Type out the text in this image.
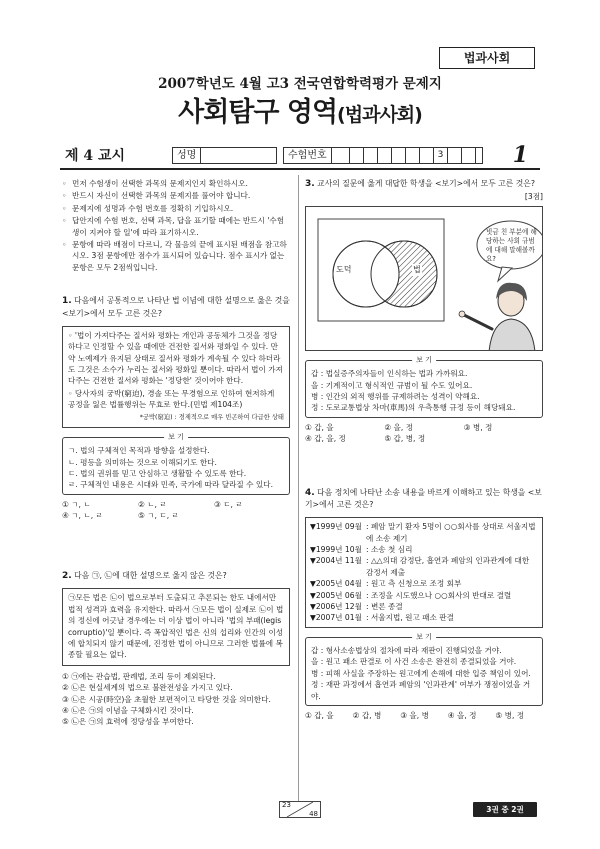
법과사회
2007학년도 4월 고3 전국연합학력평가 문제지
사회탐구 영역(법과사회)
제 4 교시	성명	수험번호	3	1
◦ 먼저 수험생이 선택한 과목의 문제지인지 확인하시오.
◦ 반드시 자신이 선택한 과목의 문제지를 풀어야 합니다.
◦ 문제지에 성명과 수험 번호를 정확히 기입하시오.
◦ 답안지에 수험 번호, 선택 과목, 답을 표기할 때에는 반드시 '수험생이 지켜야 할 일'에 따라 표기하시오.
◦ 문항에 따라 배점이 다르니, 각 물음의 끝에 표시된 배점을 참고하시오. 3점 문항에만 점수가 표시되어 있습니다. 점수 표시가 없는 문항은 모두 2점씩입니다.
1. 다음에서 공통적으로 나타난 법 이념에 대한 설명으로 옳은 것을 <보기>에서 모두 고른 것은?

◦ '법이 가져다주는 질서와 평화는 개인과 공동체가 그것을 정당하다고 인정할 수 있을 때에만 건전한 질서와 평화일 수 있다. 만약 노예제가 유지된 상태로 질서와 평화가 계속될 수 있다 하더라도 그것은 소수가 누리는 질서와 평화일 뿐이다. 따라서 법이 가져다주는 건전한 질서와 평화는 '정당한' 것이어야 한다.

◦ 당사자의 궁박(窮迫), 경솔 또는 무경험으로 인하여 현저하게 공정을 잃은 법률행위는 무효로 한다.(민법 제104조)

*궁박(窮迫) : 경제적으로 매우 빈곤하여 다급한 상태

보 기

ㄱ. 법의 구체적인 목적과 방향을 설정한다.

ㄴ. 평등을 의미하는 것으로 이해되기도 한다.

ㄷ. 법의 권위를 믿고 안심하고 생활할 수 있도록 한다.

ㄹ. 구체적인 내용은 시대와 민족, 국가에 따라 달라질 수 있다.

① ㄱ, ㄴ	② ㄴ, ㄹ	③ ㄷ, ㄹ
④ ㄱ, ㄴ, ㄹ	⑤ ㄱ, ㄷ, ㄹ
2. 다음 ㉠, ㉡에 대한 설명으로 옳지 않은 것은?

㉠모든 법은 ㉡이 법으로부터 도출되고 추론되는 한도 내에서만 법적 성격과 효력을 유지한다. 따라서 ㉠모든 법이 실제로 ㉡이 법의 정신에 어긋날 경우에는 더 이상 법이 아니라 '법의 부패(legis corruptio)'일 뿐이다. 즉 폭압적인 법은 신의 섭리와 인간의 이성에 합치되지 않기 때문에, 진정한 법이 아니므로 그러한 법률에 복종할 필요는 없다.

① ㉠에는 관습법, 판례법, 조리 등이 제외된다.

② ㉡은 현실세계의 법으로 불완전성을 가지고 있다.

③ ㉡은 시공(時空)을 초월한 보편적이고 타당한 것을 의미한다.

④ ㉡은 ㉠의 이념을 구체화시킨 것이다.

⑤ ㉡은 ㉠의 효력에 정당성을 부여한다.

3. 교사의 질문에 옳게 대답한 학생을 <보기>에서 모두 고른 것은?
[3점]
도덕	법
빗금 친 부분에 해당하는 사회 규범에 대해 말해볼까요?
보 기

갑 : 법실증주의자들이 인식하는 법과 가까워요.

을 : 기계적이고 형식적인 규범이 될 수도 있어요.

병 : 인간의 외적 행위를 규제하려는 성격이 약해요.

정 : 도로교통법상 차마(車馬)의 우측통행 규정 등이 해당돼요.

① 갑, 을	② 을, 정	③ 병, 정
④ 갑, 을, 정	⑤ 갑, 병, 정
4. 다음 정치에 나타난 소송 내용을 바르게 이해하고 있는 학생을 <보기>에서 고른 것은?
▼1999년 09월 : 폐암 말기 환자 5명이 ○○회사를 상대로 서울지법에 소송 제기
▼1999년 10월 : 소송 첫 심리
▼2004년 11월 : △△의대 감정단, 흡연과 폐암의 인과관계에 대한 감정서 제출
▼2005년 04월 : 원고 측 신청으로 조정 회부
▼2005년 06월 : 조정을 시도했으나 ○○회사의 반대로 결렬
▼2006년 12월 : 변론 종결
▼2007년 01월 : 서울지법, 원고 패소 판결
보 기

갑 : 형사소송법상의 절차에 따라 재판이 진행되었을 거야.

을 : 원고 패소 판결로 이 사건 소송은 완전히 종결되었을 거야.

병 : 피해 사실을 주장하는 원고에게 손해에 대한 입증 책임이 있어.

정 : 재판 과정에서 흡연과 폐암의 '인과관계' 여부가 쟁점이었을 거야.

① 갑, 을	② 갑, 병	③ 을, 병	④ 을, 정	⑤ 병, 정
23
48	3권 중 2권
